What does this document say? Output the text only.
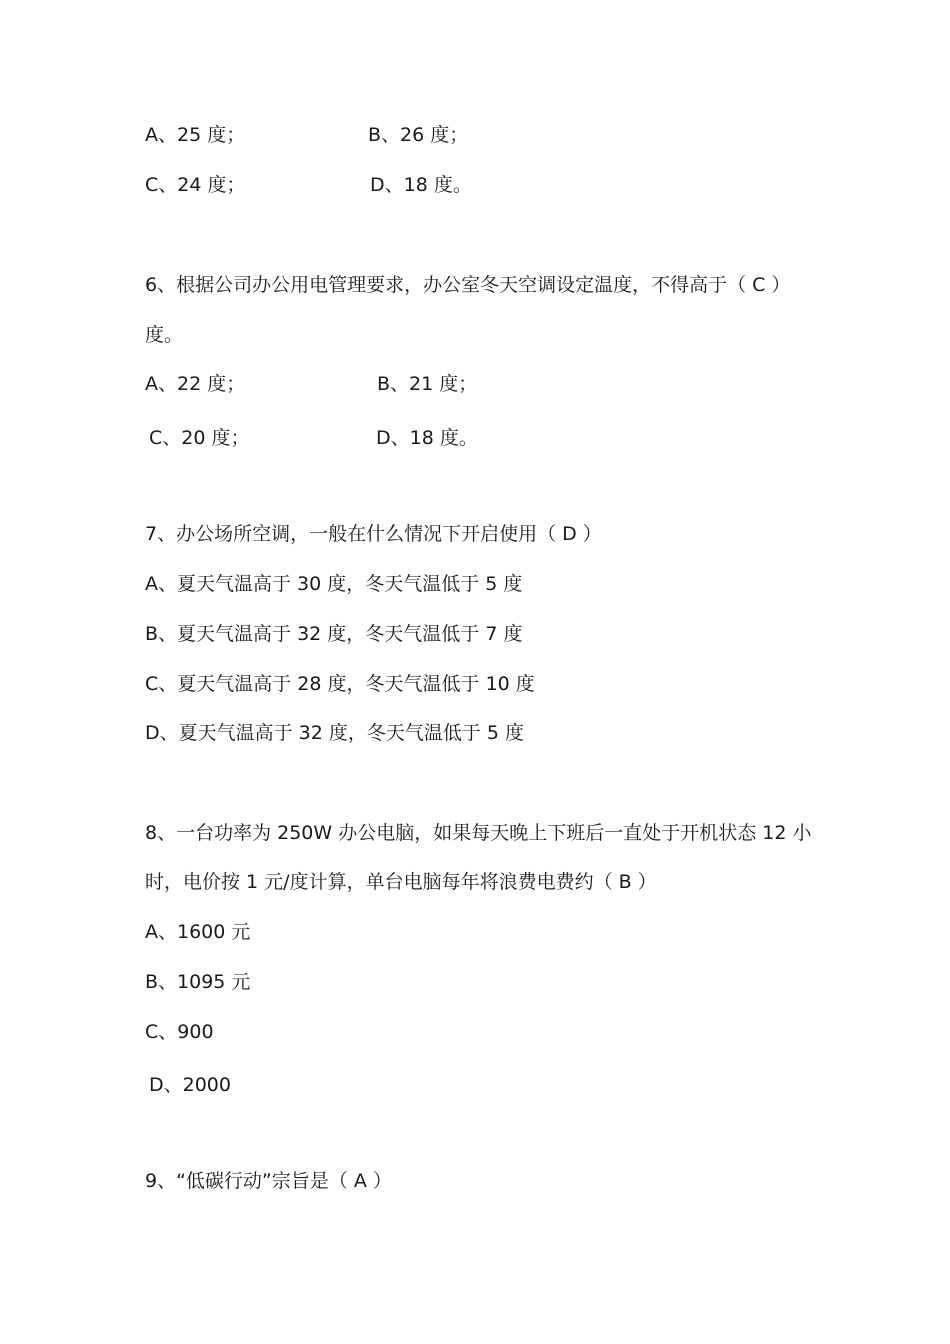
A、25 度；	B、26 度；
C、24 度；	D、18 度。
6、根据公司办公用电管理要求，办公室冬天空调设定温度，不得高于（ C ）
度。
A、22 度；	B、21 度；
C、20 度；	D、18 度。
7、办公场所空调，一般在什么情况下开启使用（ D ）
A、夏天气温高于 30 度，冬天气温低于 5 度
B、夏天气温高于 32 度，冬天气温低于 7 度
C、夏天气温高于 28 度，冬天气温低于 10 度
D、夏天气温高于 32 度，冬天气温低于 5 度
8、一台功率为 250W 办公电脑，如果每天晚上下班后一直处于开机状态 12 小
时，电价按 1 元/度计算，单台电脑每年将浪费电费约（ B ）
A、1600 元
B、1095 元
C、900
D、2000
9、“低碳行动”宗旨是（ A ）
